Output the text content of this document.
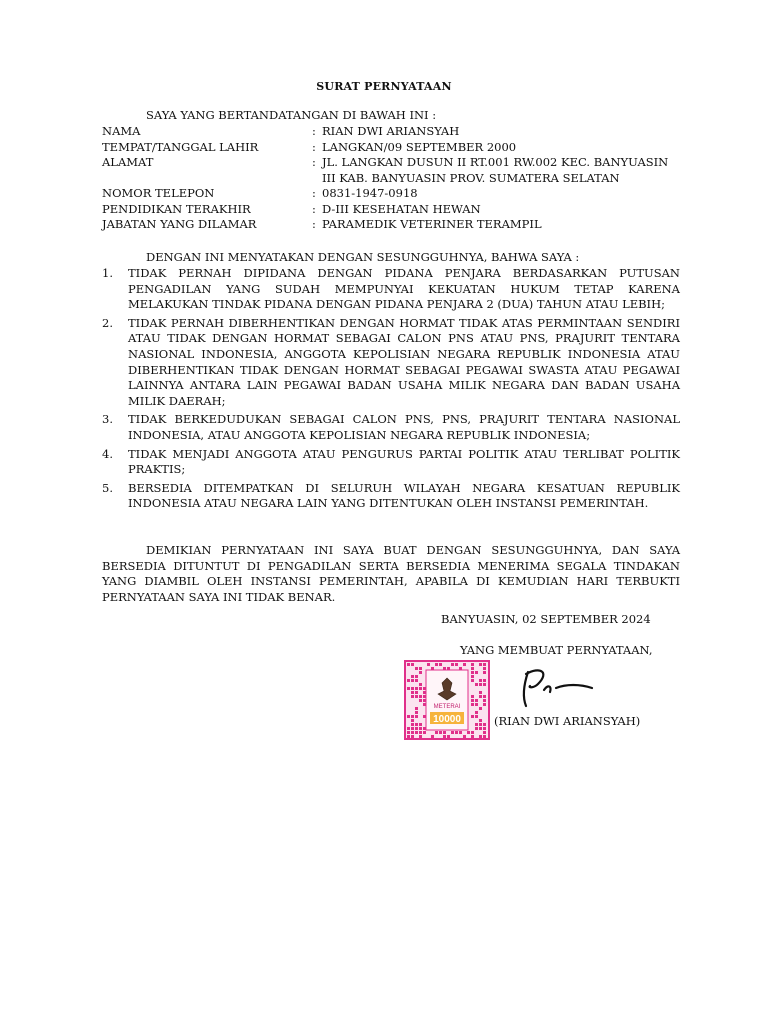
SURAT PERNYATAAN
SAYA YANG BERTANDATANGAN DI BAWAH INI :
NAMA	: RIAN DWI ARIANSYAH
TEMPAT/TANGGAL LAHIR	: LANGKAN/09 SEPTEMBER 2000
ALAMAT	: JL. LANGKAN DUSUN II RT.001 RW.002 KEC. BANYUASIN III KAB. BANYUASIN PROV. SUMATERA SELATAN
NOMOR TELEPON	: 0831-1947-0918
PENDIDIKAN TERAKHIR	: D-III KESEHATAN HEWAN
JABATAN YANG DILAMAR	: PARAMEDIK VETERINER TERAMPIL
DENGAN INI MENYATAKAN DENGAN SESUNGGUHNYA, BAHWA SAYA :
1.	TIDAK PERNAH DIPIDANA DENGAN PIDANA PENJARA BERDASARKAN PUTUSAN PENGADILAN YANG SUDAH MEMPUNYAI KEKUATAN HUKUM TETAP KARENA MELAKUKAN TINDAK PIDANA DENGAN PIDANA PENJARA 2 (DUA) TAHUN ATAU LEBIH;
2.	TIDAK PERNAH DIBERHENTIKAN DENGAN HORMAT TIDAK ATAS PERMINTAAN SENDIRI ATAU TIDAK DENGAN HORMAT SEBAGAI CALON PNS ATAU PNS, PRAJURIT TENTARA NASIONAL INDONESIA, ANGGOTA KEPOLISIAN NEGARA REPUBLIK INDONESIA ATAU DIBERHENTIKAN TIDAK DENGAN HORMAT SEBAGAI PEGAWAI SWASTA ATAU PEGAWAI LAINNYA ANTARA LAIN PEGAWAI BADAN USAHA MILIK NEGARA DAN BADAN USAHA MILIK DAERAH;
3.	TIDAK BERKEDUDUKAN SEBAGAI CALON PNS, PNS, PRAJURIT TENTARA NASIONAL INDONESIA, ATAU ANGGOTA KEPOLISIAN NEGARA REPUBLIK INDONESIA;
4.	TIDAK MENJADI ANGGOTA ATAU PENGURUS PARTAI POLITIK ATAU TERLIBAT POLITIK PRAKTIS;
5.	BERSEDIA DITEMPATKAN DI SELURUH WILAYAH NEGARA KESATUAN REPUBLIK INDONESIA ATAU NEGARA LAIN YANG DITENTUKAN OLEH INSTANSI PEMERINTAH.
DEMIKIAN PERNYATAAN INI SAYA BUAT DENGAN SESUNGGUHNYA, DAN SAYA BERSEDIA DITUNTUT DI PENGADILAN SERTA BERSEDIA MENERIMA SEGALA TINDAKAN YANG DIAMBIL OLEH INSTANSI PEMERINTAH, APABILA DI KEMUDIAN HARI TERBUKTI PERNYATAAN SAYA INI TIDAK BENAR.
BANYUASIN, 02 SEPTEMBER 2024
YANG MEMBUAT PERNYATAAN,
METERAI
10000	(RIAN DWI ARIANSYAH)
